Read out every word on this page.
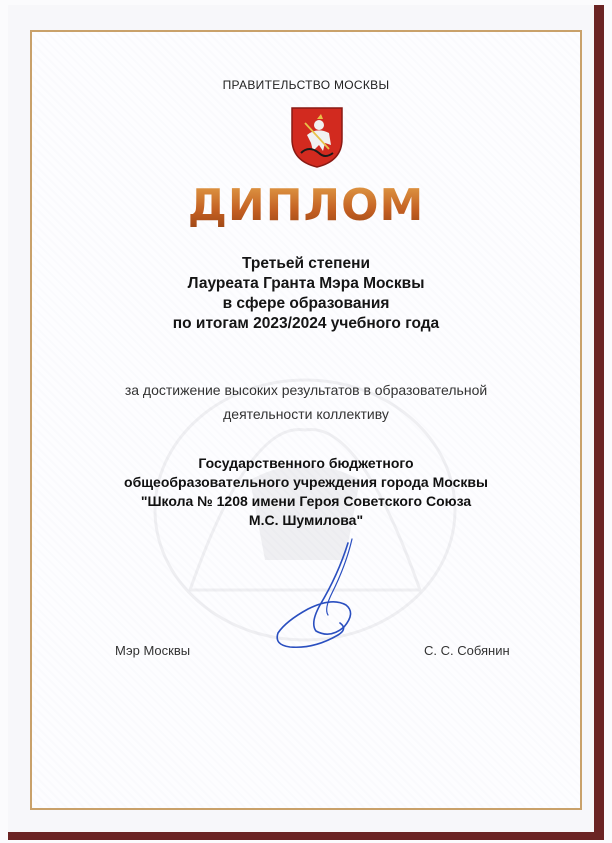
ПРАВИТЕЛЬСТВО МОСКВЫ
ДИПЛОМ
Третьей степени
Лауреата Гранта Мэра Москвы
в сфере образования
по итогам 2023/2024 учебного года
за достижение высоких результатов в образовательной
деятельности коллективу
Государственного бюджетного
общеобразовательного учреждения города Москвы
"Школа № 1208 имени Героя Советского Союза
М.С. Шумилова"
Мэр Москвы	С. С. Собянин
